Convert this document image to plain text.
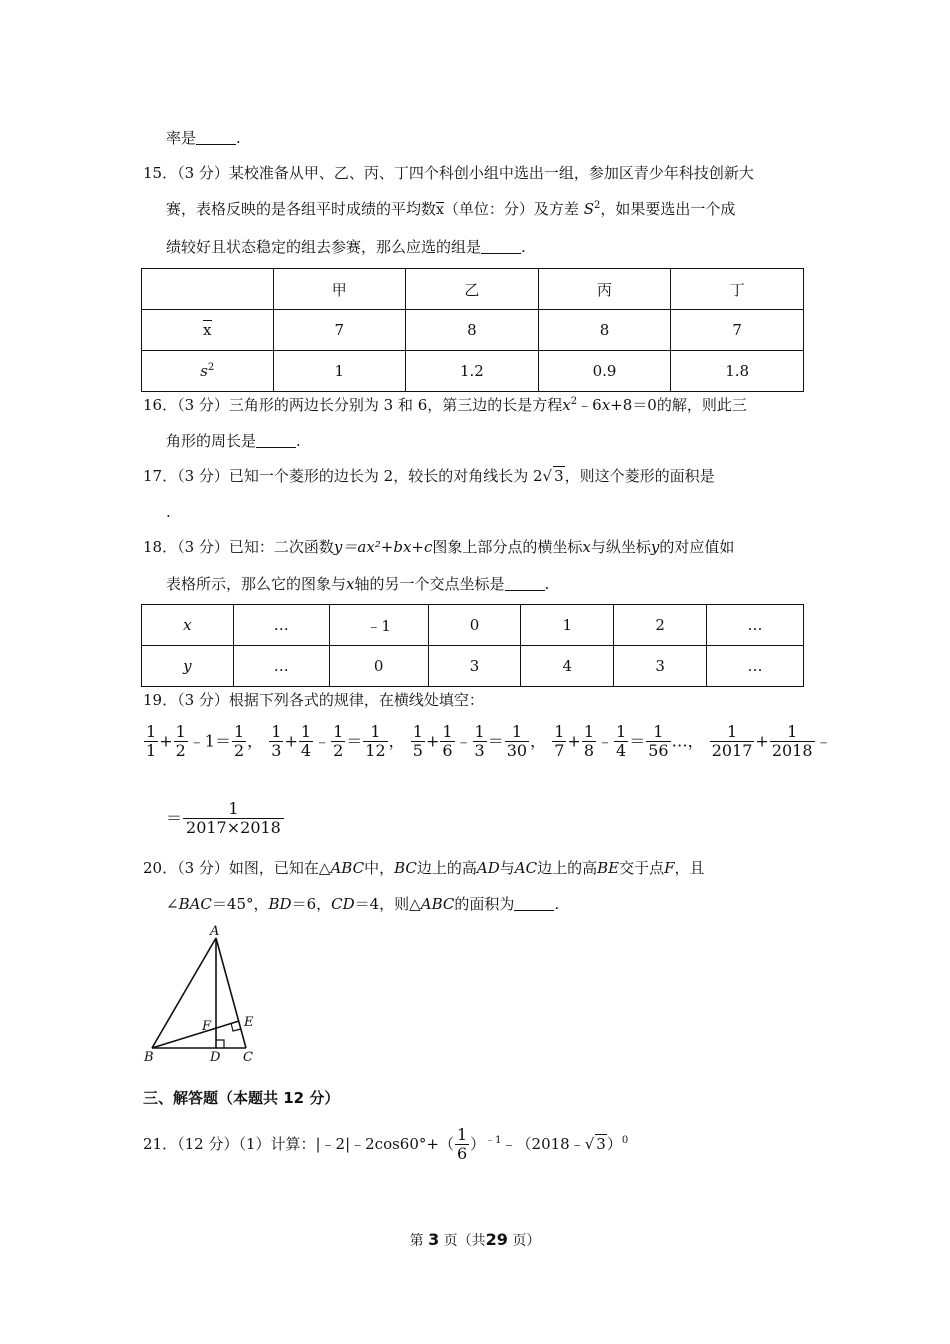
率是	.
15．（3 分）某校准备从甲、乙、丙、丁四个科创小组中选出一组，参加区青少年科技创新大
赛，表格反映的是各组平时成绩的平均数x（单位：分）及方差 $S^2$，如果要选出一个成
绩较好且状态稳定的组去参赛，那么应选的组是	.
	甲	乙	丙	丁
x	7	8	8	7
$s^2$	1	1.2	0.9	1.8
16．（3 分）三角形的两边长分别为 3 和 6，第三边的长是方程$x^2﹣6x+8=0$的解，则此三
角形的周长是	.
17．（3 分）已知一个菱形的边长为 2，较长的对角线长为 2√ 3，则这个菱形的面积是
.
18．（3 分）已知：二次函数y＝ax²+bx+c图象上部分点的横坐标x与纵坐标y的对应值如
表格所示，那么它的图象与x轴的另一个交点坐标是	.
x	…	﹣1	0	1	2	…
y	…	0	3	4	3	…
19．（3 分）根据下列各式的规律，在横线处填空：
$\frac{1}{1} + \frac{1}{2}$ ﹣1＝ $\frac{1}{2}$ ， $\frac{1}{3} + \frac{1}{4}$ ﹣ $\frac{1}{2} = \frac{1}{12}$ ， $\frac{1}{5} + \frac{1}{6}$ ﹣ $\frac{1}{3} = \frac{1}{30}$ ， $\frac{1}{7} + \frac{1}{8}$ ﹣ $\frac{1}{4} = \frac{1}{56}$ …， $\frac{1}{2017} + \frac{1}{2018}$ ﹣
＝ $\frac{1}{2017\times 2018}$
20．（3 分）如图，已知在△ABC中，BC边上的高AD与AC边上的高BE交于点F，且
∠BAC＝45°，BD＝6，CD＝4，则△ABC的面积为	.
A
B	C
D
E
F
三、解答题（本题共 12 分）
21．（12 分）（1）计算：|﹣2|﹣2cos60°+（ $\frac{1}{6}$ ）$^{﹣1}$﹣（2018﹣√ 3）$^0$
第 3 页（共29 页）
